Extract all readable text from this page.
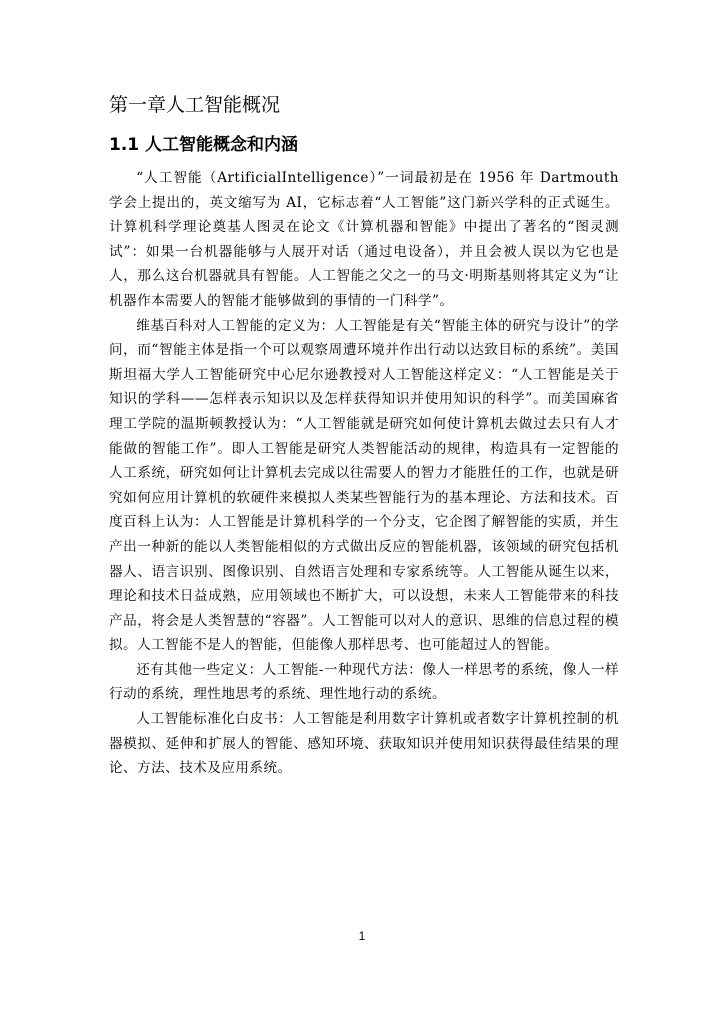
第一章人工智能概况
1.1 人工智能概念和内涵

“人工智能（ArtificialIntelligence）”一词最初是在 1956 年 Dartmouth 学会上提出的，英文缩写为 AI，它标志着“人工智能”这门新兴学科的正式诞生。计算机科学理论奠基人图灵在论文《计算机器和智能》中提出了著名的“图灵测试”：如果一台机器能够与人展开对话（通过电设备），并且会被人误以为它也是人，那么这台机器就具有智能。人工智能之父之一的马文·明斯基则将其定义为“让机器作本需要人的智能才能够做到的事情的一门科学”。

维基百科对人工智能的定义为：人工智能是有关“智能主体的研究与设计”的学问，而“智能主体是指一个可以观察周遭环境并作出行动以达致目标的系统”。美国斯坦福大学人工智能研究中心尼尔逊教授对人工智能这样定义：“人工智能是关于知识的学科——怎样表示知识以及怎样获得知识并使用知识的科学”。而美国麻省理工学院的温斯顿教授认为：“人工智能就是研究如何使计算机去做过去只有人才能做的智能工作”。即人工智能是研究人类智能活动的规律，构造具有一定智能的人工系统，研究如何让计算机去完成以往需要人的智力才能胜任的工作，也就是研究如何应用计算机的软硬件来模拟人类某些智能行为的基本理论、方法和技术。百度百科上认为：人工智能是计算机科学的一个分支，它企图了解智能的实质，并生产出一种新的能以人类智能相似的方式做出反应的智能机器，该领域的研究包括机器人、语言识别、图像识别、自然语言处理和专家系统等。人工智能从诞生以来，理论和技术日益成熟，应用领域也不断扩大，可以设想，未来人工智能带来的科技产品，将会是人类智慧的“容器”。人工智能可以对人的意识、思维的信息过程的模拟。人工智能不是人的智能，但能像人那样思考、也可能超过人的智能。

还有其他一些定义：人工智能-一种现代方法：像人一样思考的系统，像人一样行动的系统，理性地思考的系统、理性地行动的系统。

人工智能标准化白皮书：人工智能是利用数字计算机或者数字计算机控制的机器模拟、延伸和扩展人的智能、感知环境、获取知识并使用知识获得最佳结果的理论、方法、技术及应用系统。

1
